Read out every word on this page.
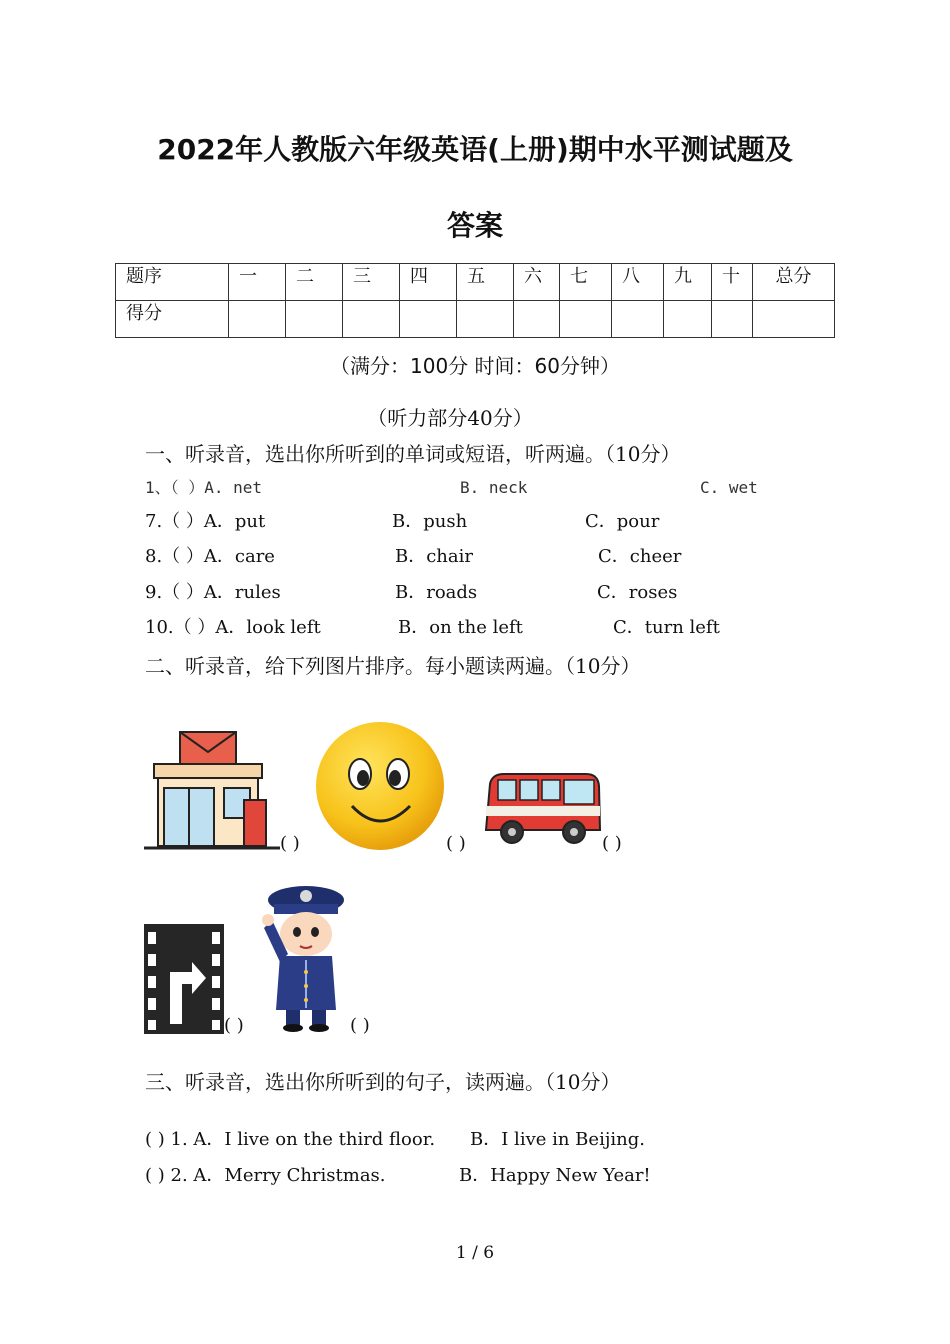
2022年人教版六年级英语(上册)期中水平测试题及
答案
题序	一	二	三	四	五	六	七	八	九	十	总分
得分											
（满分：100分 时间：60分钟）
（听力部分40分）
一、听录音，选出你所听到的单词或短语，听两遍。（10分）
1、（ ）A. net	B. neck	C. wet
7.（ ）A．put	B．push	C．pour
8.（ ）A．care	B．chair	C．cheer
9.（ ）A．rules	B．roads	C．roses
10.（ ）A．look left	B．on the left	C．turn left
二、听录音，给下列图片排序。每小题读两遍。（10分）
( )	( )	( )
( )	( )
三、听录音，选出你所听到的句子，读两遍。（10分）
( ) 1. A．I live on the third floor. B．I live in Beijing.
( ) 2. A．Merry Christmas.	B．Happy New Year!
1 / 6
